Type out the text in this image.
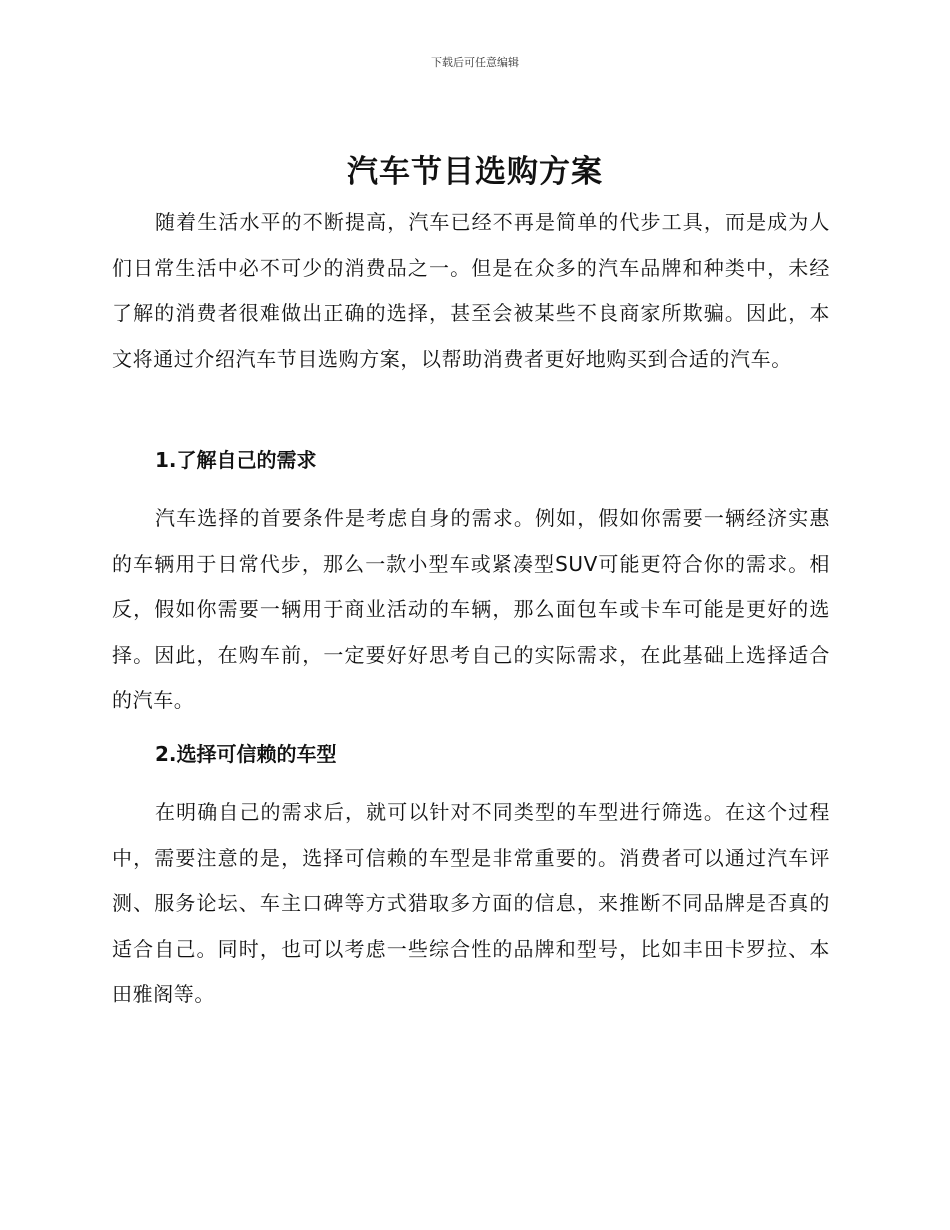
下载后可任意编辑
汽车节目选购方案

随着生活水平的不断提高，汽车已经不再是简单的代步工具，而是成为人们日常生活中必不可少的消费品之一。但是在众多的汽车品牌和种类中，未经了解的消费者很难做出正确的选择，甚至会被某些不良商家所欺骗。因此，本文将通过介绍汽车节目选购方案，以帮助消费者更好地购买到合适的汽车。

1.了解自己的需求

汽车选择的首要条件是考虑自身的需求。例如，假如你需要一辆经济实惠的车辆用于日常代步，那么一款小型车或紧凑型SUV可能更符合你的需求。相反，假如你需要一辆用于商业活动的车辆，那么面包车或卡车可能是更好的选择。因此，在购车前，一定要好好思考自己的实际需求，在此基础上选择适合的汽车。

2.选择可信赖的车型

在明确自己的需求后，就可以针对不同类型的车型进行筛选。在这个过程中，需要注意的是，选择可信赖的车型是非常重要的。消费者可以通过汽车评测、服务论坛、车主口碑等方式猎取多方面的信息，来推断不同品牌是否真的适合自己。同时，也可以考虑一些综合性的品牌和型号，比如丰田卡罗拉、本田雅阁等。
